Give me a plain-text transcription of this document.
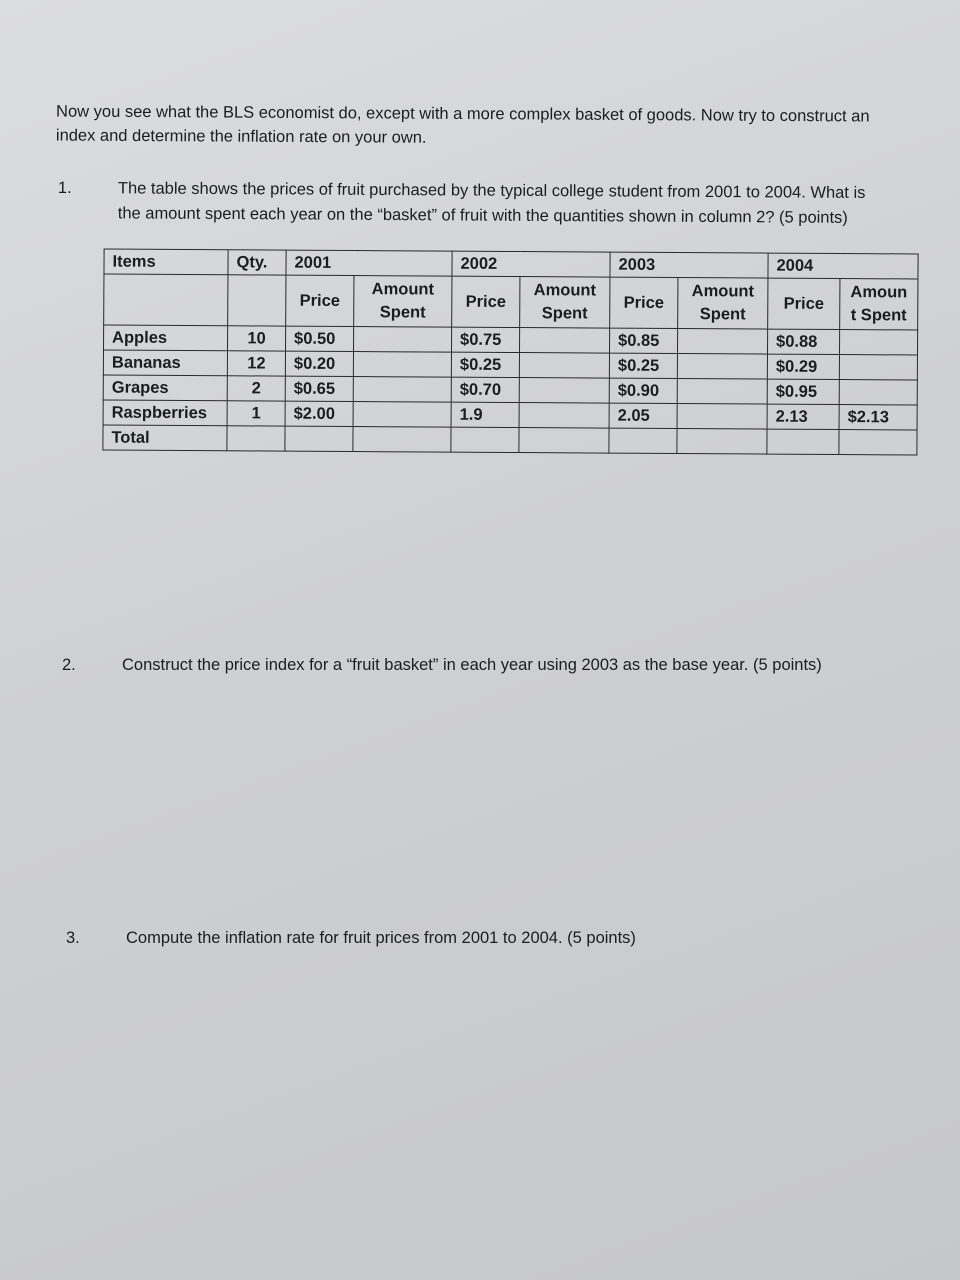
Now you see what the BLS economist do, except with a more complex basket of goods. Now try to construct an index and determine the inflation rate on your own.
1.	The table shows the prices of fruit purchased by the typical college student from 2001 to 2004. What is the amount spent each year on the “basket” of fruit with the quantities shown in column 2? (5 points)
Items	Qty.	2001		2002		2003		2004	
		Price	Amount Spent	Price	Amount Spent	Price	Amount Spent	Price	Amoun t Spent
Apples	10	$0.50		$0.75		$0.85		$0.88	
Bananas	12	$0.20		$0.25		$0.25		$0.29	
Grapes	2	$0.65		$0.70		$0.90		$0.95	
Raspberries	1	$2.00		1.9		2.05		2.13	$2.13
Total									
2.	Construct the price index for a “fruit basket” in each year using 2003 as the base year. (5 points)
3.	Compute the inflation rate for fruit prices from 2001 to 2004. (5 points)
